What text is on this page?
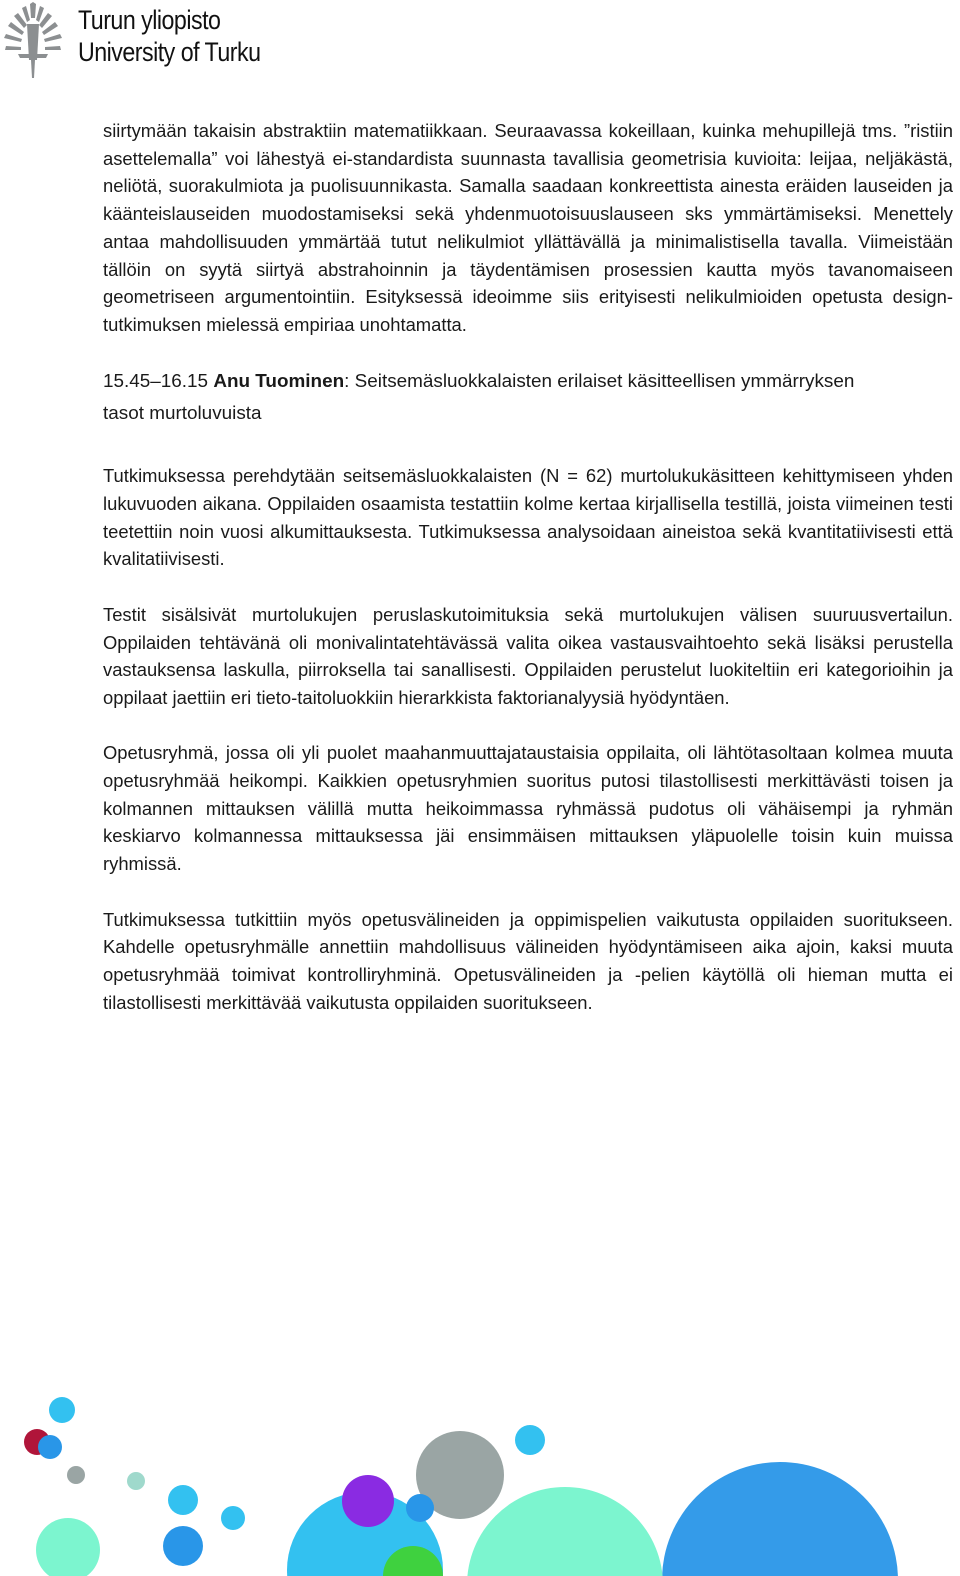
Turun yliopisto
University of Turku

siirtymään takaisin abstraktiin matematiikkaan. Seuraavassa kokeillaan, kuinka mehupillejä tms. ”ristiin asettelemalla” voi lähestyä ei-standardista suunnasta tavallisia geometrisia kuvioita: leijaa, neljäkästä, neliötä, suorakulmiota ja puolisuunnikasta. Samalla saadaan konkreettista ainesta eräiden lauseiden ja käänteislauseiden muodostamiseksi sekä yhdenmuotoisuuslauseen sks ymmärtämiseksi. Menettely antaa mahdollisuuden ymmärtää tutut nelikulmiot yllättävällä ja minimalistisella tavalla. Viimeistään tällöin on syytä siirtyä abstrahoinnin ja täydentämisen prosessien kautta myös tavanomaiseen geometriseen argumentointiin. Esityksessä ideoimme siis erityisesti nelikulmioiden opetusta design-tutkimuksen mielessä empiriaa unohtamatta.

15.45–16.15 Anu Tuominen: Seitsemäsluokkalaisten erilaiset käsitteellisen ymmärryksen
tasot murtoluvuista

Tutkimuksessa perehdytään seitsemäsluokkalaisten (N = 62) murtolukukäsitteen kehittymiseen yhden lukuvuoden aikana. Oppilaiden osaamista testattiin kolme kertaa kirjallisella testillä, joista viimeinen testi teetettiin noin vuosi alkumittauksesta. Tutkimuksessa analysoidaan aineistoa sekä kvantitatiivisesti että kvalitatiivisesti.

Testit sisälsivät murtolukujen peruslaskutoimituksia sekä murtolukujen välisen suuruusvertailun. Oppilaiden tehtävänä oli monivalintatehtävässä valita oikea vastausvaihtoehto sekä lisäksi perustella vastauksensa laskulla, piirroksella tai sanallisesti. Oppilaiden perustelut luokiteltiin eri kategorioihin ja oppilaat jaettiin eri tieto-taitoluokkiin hierarkkista faktorianalyysiä hyödyntäen.

Opetusryhmä, jossa oli yli puolet maahanmuuttajataustaisia oppilaita, oli lähtötasoltaan kolmea muuta opetusryhmää heikompi. Kaikkien opetusryhmien suoritus putosi tilastollisesti merkittävästi toisen ja kolmannen mittauksen välillä mutta heikoimmassa ryhmässä pudotus oli vähäisempi ja ryhmän keskiarvo kolmannessa mittauksessa jäi ensimmäisen mittauksen yläpuolelle toisin kuin muissa ryhmissä.

Tutkimuksessa tutkittiin myös opetusvälineiden ja oppimispelien vaikutusta oppilaiden suoritukseen. Kahdelle opetusryhmälle annettiin mahdollisuus välineiden hyödyntämiseen aika ajoin, kaksi muuta opetusryhmää toimivat kontrolliryhminä. Opetusvälineiden ja -pelien käytöllä oli hieman mutta ei tilastollisesti merkittävää vaikutusta oppilaiden suoritukseen.
